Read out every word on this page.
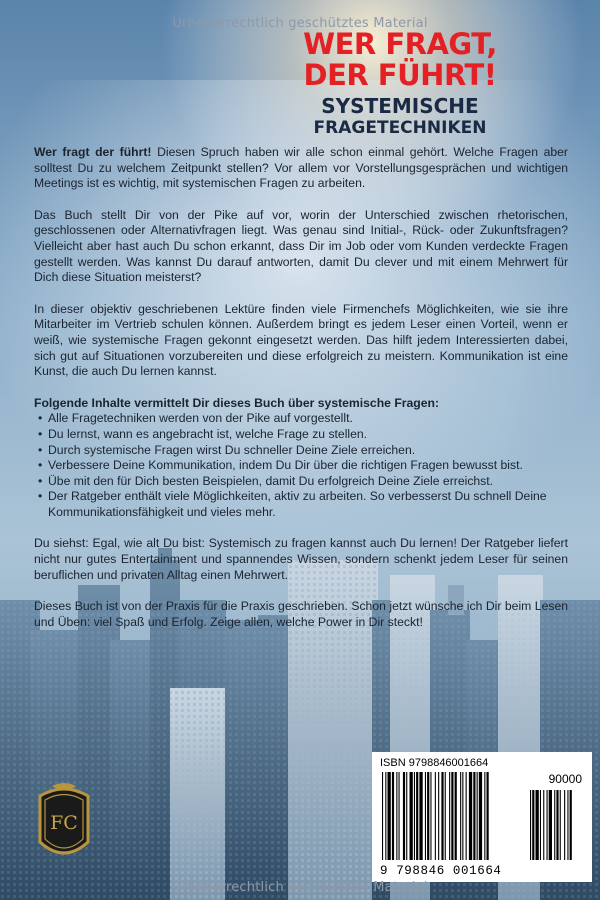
Urheberrechtlich geschütztes Material
WER FRAGT,
DER FÜHRT!
SYSTEMISCHE
FRAGETECHNIKEN

Wer fragt der führt! Diesen Spruch haben wir alle schon einmal gehört. Welche Fragen aber solltest Du zu welchem Zeitpunkt stellen? Vor allem vor Vorstellungsgesprächen und wichtigen Meetings ist es wichtig, mit systemischen Fragen zu arbeiten.

Das Buch stellt Dir von der Pike auf vor, worin der Unterschied zwischen rhetorischen, geschlossenen oder Alternativfragen liegt. Was genau sind Initial-, Rück- oder Zukunftsfragen? Vielleicht aber hast auch Du schon erkannt, dass Dir im Job oder vom Kunden verdeckte Fragen gestellt werden. Was kannst Du darauf antworten, damit Du clever und mit einem Mehrwert für Dich diese Situation meisterst?

In dieser objektiv geschriebenen Lektüre finden viele Firmenchefs Möglichkeiten, wie sie ihre Mitarbeiter im Vertrieb schulen können. Außerdem bringt es jedem Leser einen Vorteil, wenn er weiß, wie systemische Fragen gekonnt eingesetzt werden. Das hilft jedem Interessierten dabei, sich gut auf Situationen vorzubereiten und diese erfolgreich zu meistern. Kommunikation ist eine Kunst, die auch Du lernen kannst.

Folgende Inhalte vermittelt Dir dieses Buch über systemische Fragen:
• Alle Fragetechniken werden von der Pike auf vorgestellt.
• Du lernst, wann es angebracht ist, welche Frage zu stellen.
• Durch systemische Fragen wirst Du schneller Deine Ziele erreichen.
• Verbessere Deine Kommunikation, indem Du Dir über die richtigen Fragen bewusst bist.
• Übe mit den für Dich besten Beispielen, damit Du erfolgreich Deine Ziele erreichst.
• Der Ratgeber enthält viele Möglichkeiten, aktiv zu arbeiten. So verbesserst Du schnell Deine Kommunikationsfähigkeit und vieles mehr.

Du siehst: Egal, wie alt Du bist: Systemisch zu fragen kannst auch Du lernen! Der Ratgeber liefert nicht nur gutes Entertainment und spannendes Wissen, sondern schenkt jedem Leser für seinen beruflichen und privaten Alltag einen Mehrwert.

Dieses Buch ist von der Praxis für die Praxis geschrieben. Schon jetzt wünsche ich Dir beim Lesen und Üben: viel Spaß und Erfolg. Zeige allen, welche Power in Dir steckt!

FC
ISBN 9798846001664
90000
9 798846 001664
Urheberrechtlich geschütztes Material
